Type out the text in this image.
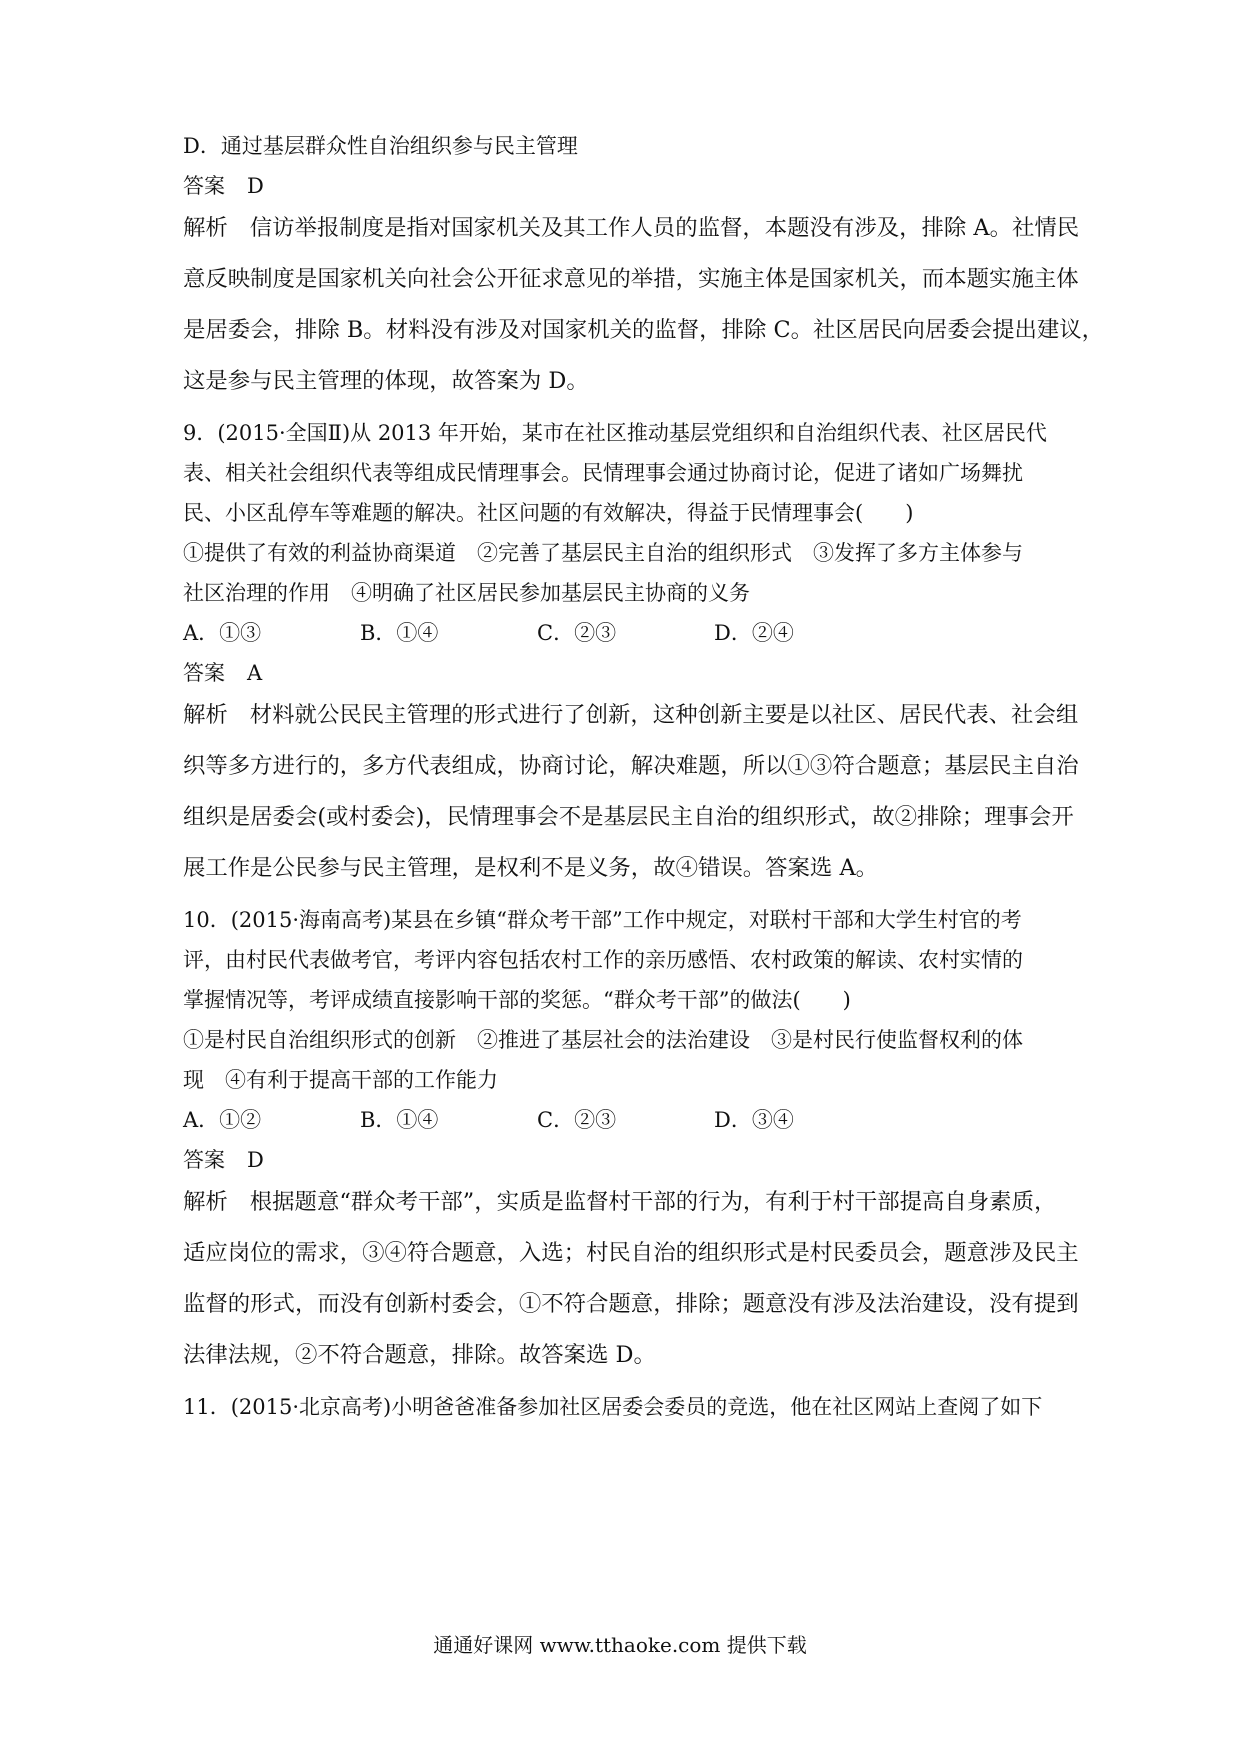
D．通过基层群众性自治组织参与民主管理
答案 D
解析 信访举报制度是指对国家机关及其工作人员的监督，本题没有涉及，排除 A。社情民
意反映制度是国家机关向社会公开征求意见的举措，实施主体是国家机关，而本题实施主体
是居委会，排除 B。材料没有涉及对国家机关的监督，排除 C。社区居民向居委会提出建议，
这是参与民主管理的体现，故答案为 D。
9．(2015·全国Ⅱ)从 2013 年开始，某市在社区推动基层党组织和自治组织代表、社区居民代
表、相关社会组织代表等组成民情理事会。民情理事会通过协商讨论，促进了诸如广场舞扰
民、小区乱停车等难题的解决。社区问题的有效解决，得益于民情理事会(　　)
①提供了有效的利益协商渠道　②完善了基层民主自治的组织形式　③发挥了多方主体参与
社区治理的作用　④明确了社区居民参加基层民主协商的义务
A．①③	B．①④	C．②③	D．②④
答案 A
解析 材料就公民民主管理的形式进行了创新，这种创新主要是以社区、居民代表、社会组
织等多方进行的，多方代表组成，协商讨论，解决难题，所以①③符合题意；基层民主自治
组织是居委会(或村委会)，民情理事会不是基层民主自治的组织形式，故②排除；理事会开
展工作是公民参与民主管理，是权利不是义务，故④错误。答案选 A。
10．(2015·海南高考)某县在乡镇“群众考干部”工作中规定，对联村干部和大学生村官的考
评，由村民代表做考官，考评内容包括农村工作的亲历感悟、农村政策的解读、农村实情的
掌握情况等，考评成绩直接影响干部的奖惩。“群众考干部”的做法(　　)
①是村民自治组织形式的创新　②推进了基层社会的法治建设　③是村民行使监督权利的体
现　④有利于提高干部的工作能力
A．①②	B．①④	C．②③	D．③④
答案 D
解析 根据题意“群众考干部”，实质是监督村干部的行为，有利于村干部提高自身素质，
适应岗位的需求，③④符合题意，入选；村民自治的组织形式是村民委员会，题意涉及民主
监督的形式，而没有创新村委会，①不符合题意，排除；题意没有涉及法治建设，没有提到
法律法规，②不符合题意，排除。故答案选 D。
11．(2015·北京高考)小明爸爸准备参加社区居委会委员的竞选，他在社区网站上查阅了如下
通通好课网 www.tthaoke.com 提供下载
